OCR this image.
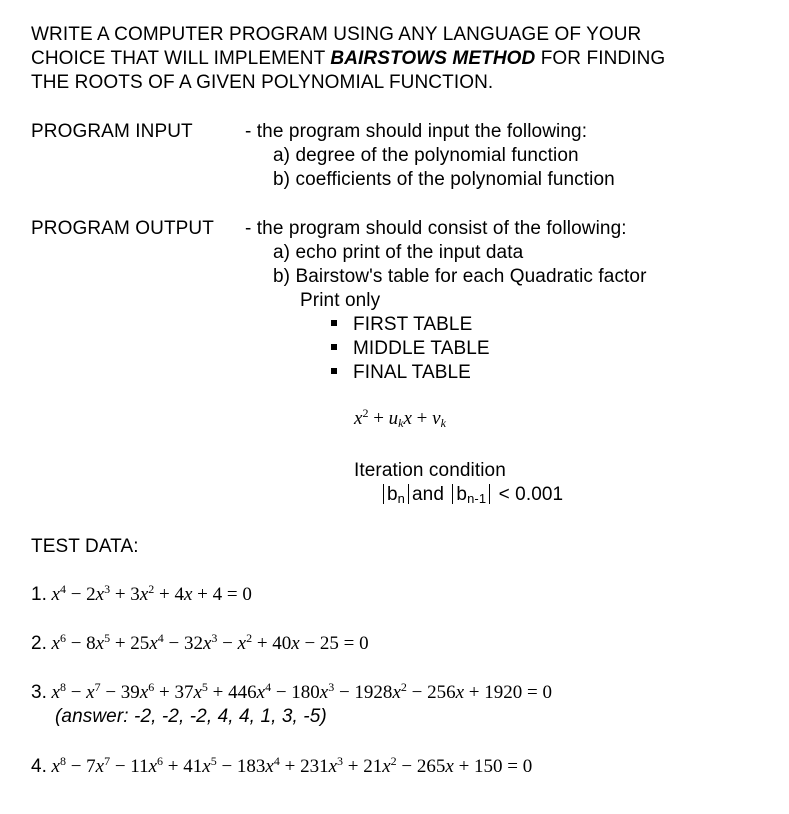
WRITE A COMPUTER PROGRAM USING ANY LANGUAGE OF YOUR
CHOICE THAT WILL IMPLEMENT BAIRSTOWS METHOD FOR FINDING
THE ROOTS OF A GIVEN POLYNOMIAL FUNCTION.
PROGRAM INPUT	- the program should input the following:
a) degree of the polynomial function
b) coefficients of the polynomial function
PROGRAM OUTPUT - the program should consist of the following:
a) echo print of the input data
b) Bairstow's table for each Quadratic factor
Print only
FIRST TABLE
MIDDLE TABLE
FINAL TABLE
$x^2 + u_kx + v_k$
Iteration condition
bn and bn-1 < 0.001
TEST DATA:
1. $x^4 - 2x^3 + 3x^2 + 4x + 4 = 0$
2. $x^6 - 8x^5 + 25x^4 - 32x^3 - x^2 + 40x - 25 = 0$
3. $x^8 - x^7 - 39x^6 + 37x^5 + 446x^4 - 180x^3 - 1928x^2 - 256x + 1920 = 0$
(answer: -2, -2, -2, 4, 4, 1, 3, -5)
4. $x^8 - 7x^7 - 11x^6 + 41x^5 - 183x^4 + 231x^3 + 21x^2 - 265x + 150 = 0$
